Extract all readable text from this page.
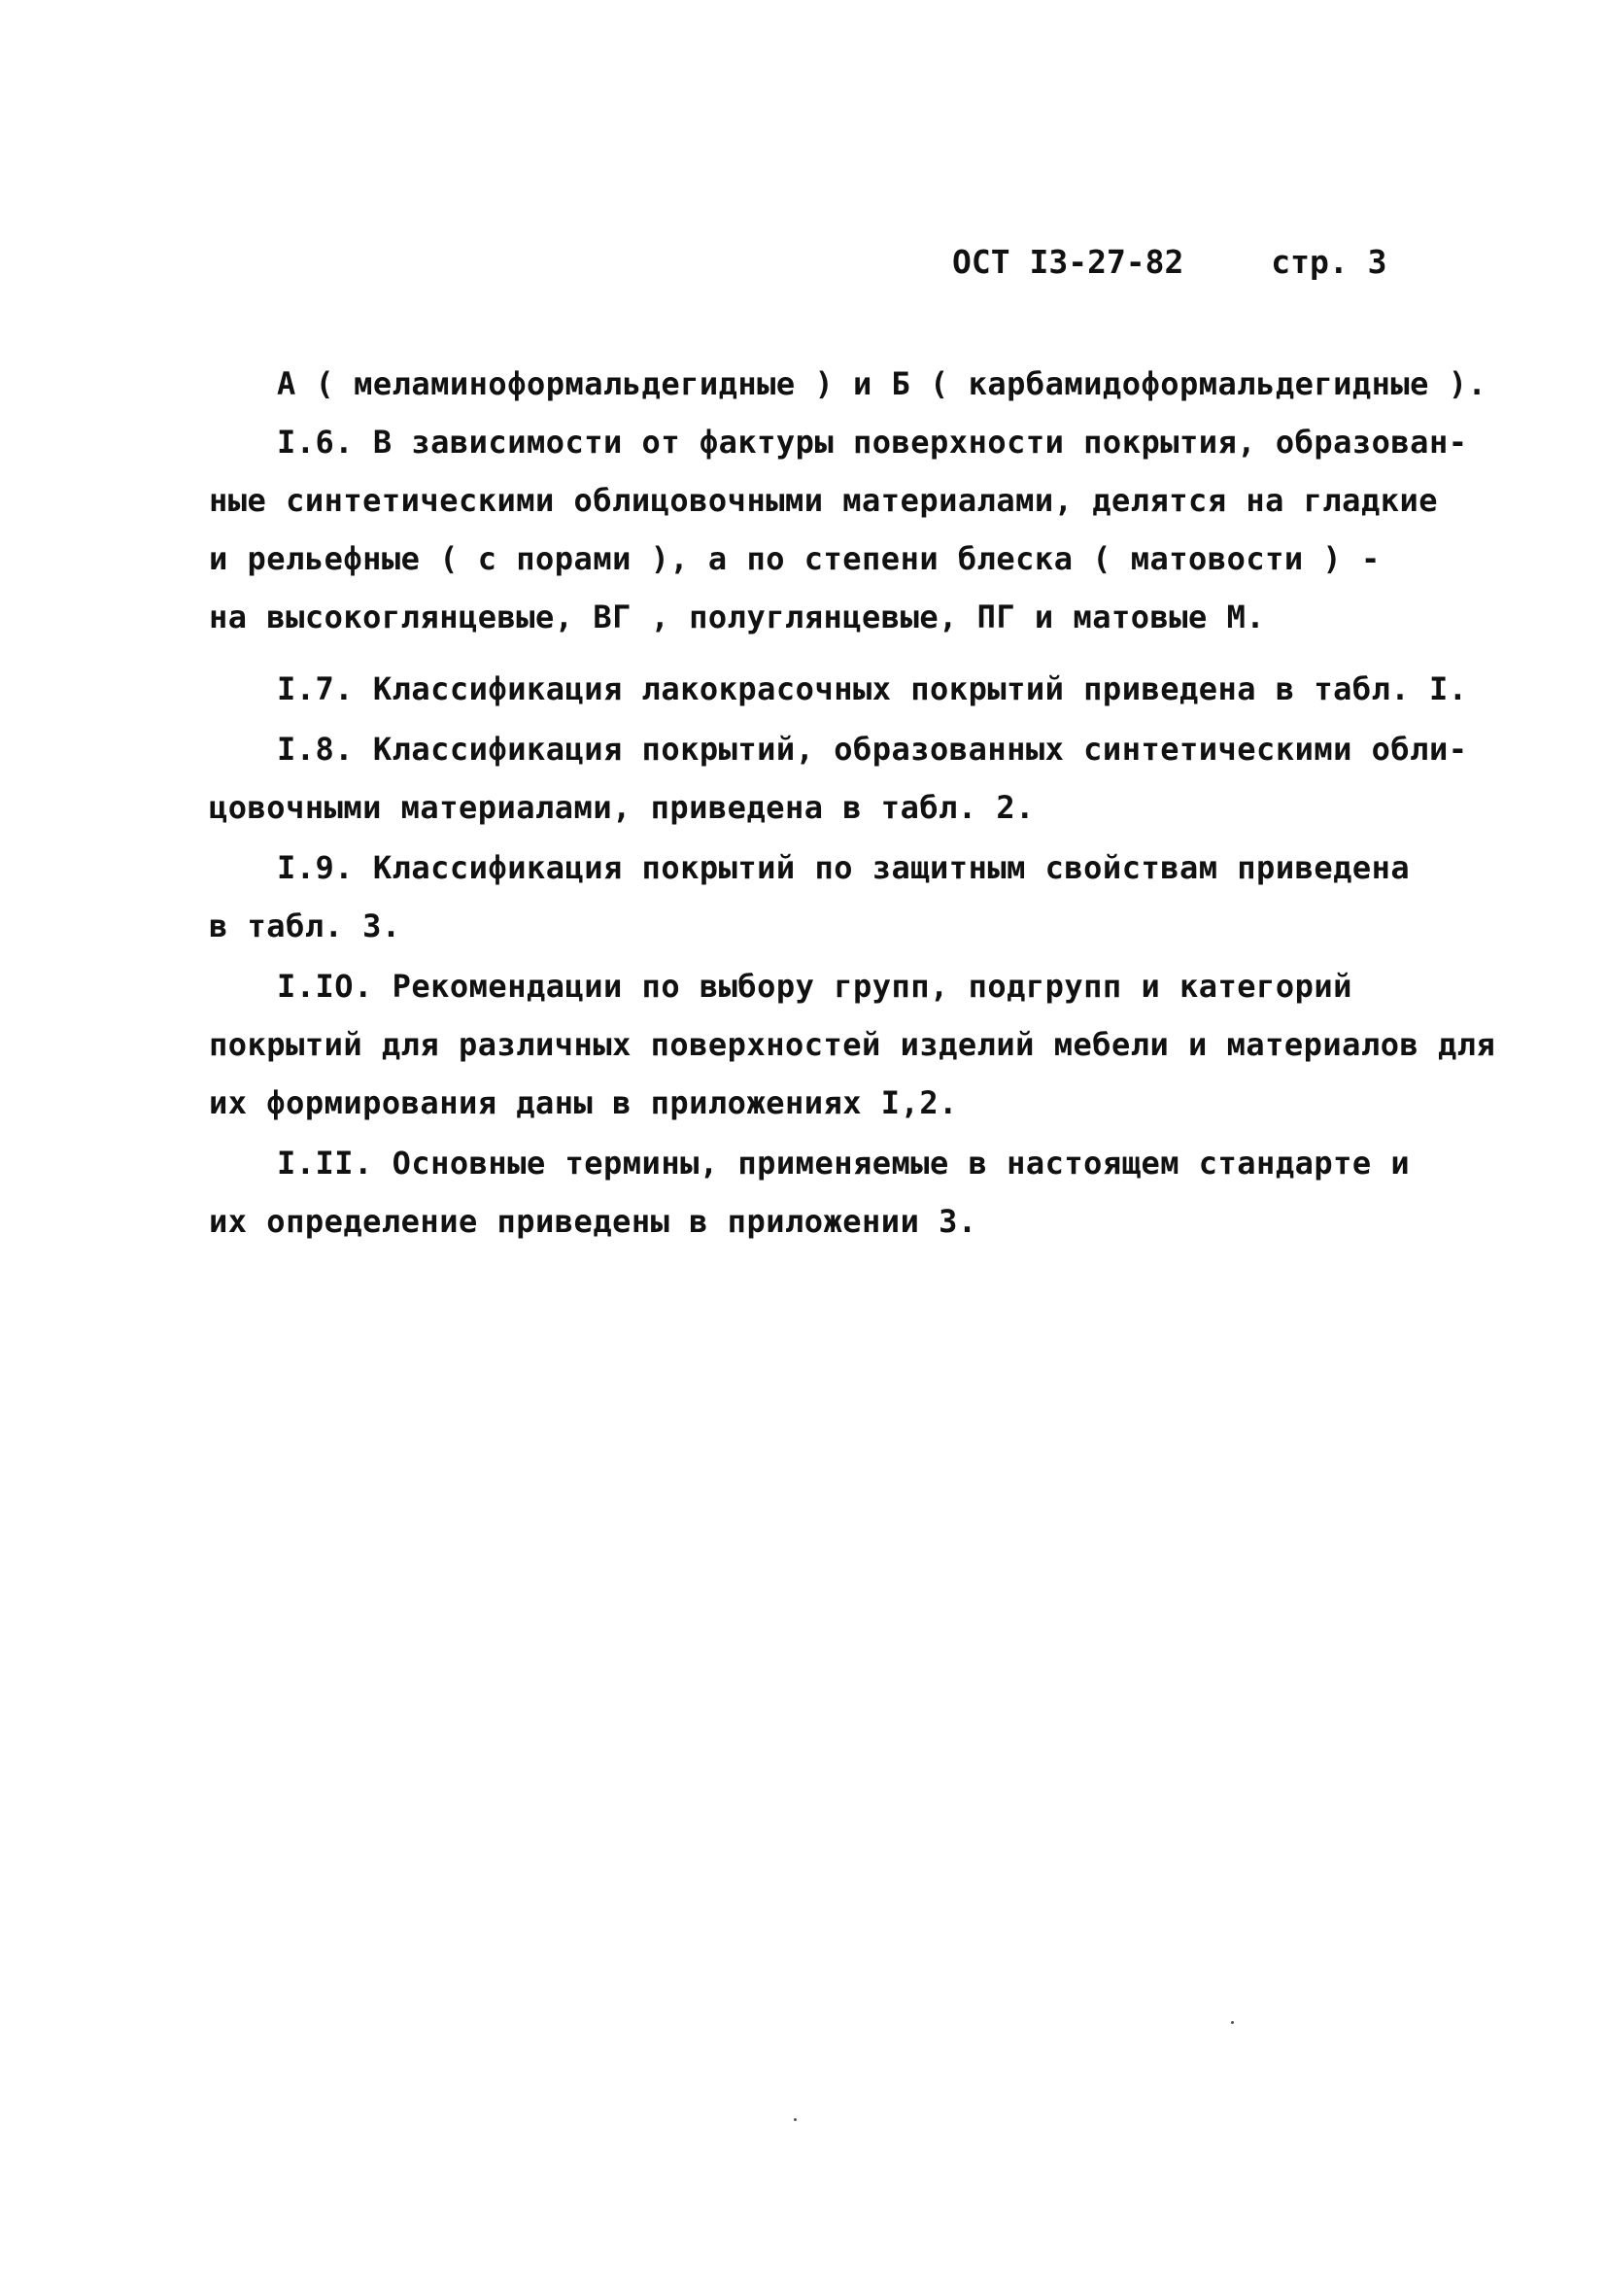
ОСТ I3-27-82	стр. 3
А ( меламиноформальдегидные ) и Б ( карбамидоформальдегидные ).
I.6. В зависимости от фактуры поверхности покрытия, образован-
ные синтетическими облицовочными материалами, делятся на гладкие
и рельефные ( с порами ), а по степени блеска ( матовости ) -
на высокоглянцевые, ВГ , полуглянцевые, ПГ и матовые М.
I.7. Классификация лакокрасочных покрытий приведена в табл. I.
I.8. Классификация покрытий, образованных синтетическими обли-
цовочными материалами, приведена в табл. 2.
I.9. Классификация покрытий по защитным свойствам приведена
в табл. 3.
I.IO. Рекомендации по выбору групп, подгрупп и категорий
покрытий для различных поверхностей изделий мебели и материалов для
их формирования даны в приложениях I,2.
I.II. Основные термины, применяемые в настоящем стандарте и
их определение приведены в приложении 3.
